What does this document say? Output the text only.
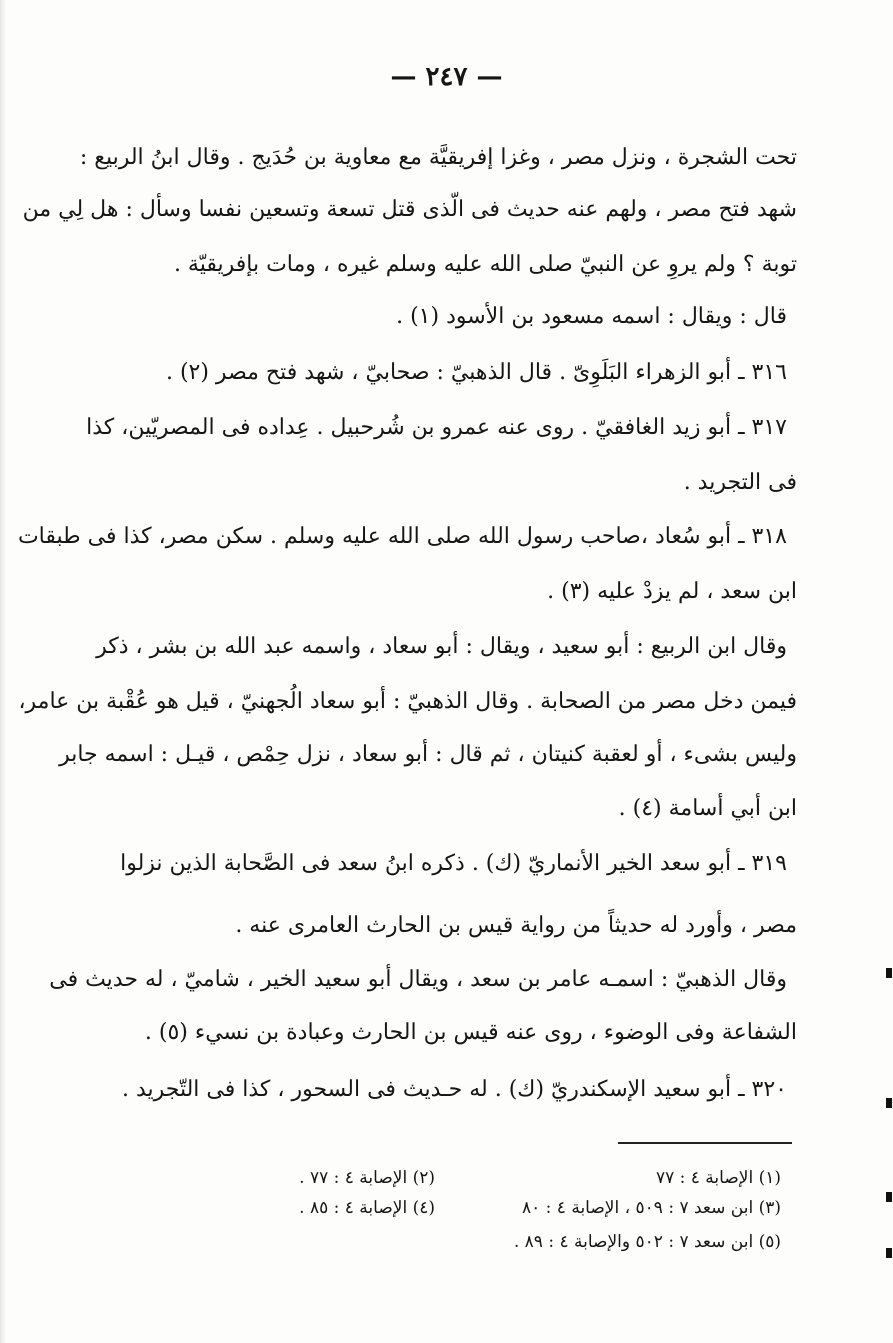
— ٢٤٧ —
تحت الشجرة ، ونزل مصر ، وغزا إفريقيَّة مع معاوية بن حُدَيج . وقال ابنُ الربيع :
شهد فتح مصر ، ولهم عنه حديث فى الّذى قتل تسعة وتسعين نفسا وسأل : هل لِي من
توبة ؟ ولم يروِ عن النبيّ صلى الله عليه وسلم غيره ، ومات بإفريقيّة .
قال : ويقال : اسمه مسعود بن الأسود (١) .
٣١٦ ـ أبو الزهراء البَلَوِىّ . قال الذهبيّ : صحابيّ ، شهد فتح مصر (٢) .
٣١٧ ـ أبو زيد الغافقيّ . روى عنه عمرو بن شُرحبيل . عِداده فى المصريّين، كذا
فى التجريد .
٣١٨ ـ أبو سُعاد ،صاحب رسول الله صلى الله عليه وسلم . سكن مصر، كذا فى طبقات
ابن سعد ، لم يزدْ عليه (٣) .
وقال ابن الربيع : أبو سعيد ، ويقال : أبو سعاد ، واسمه عبد الله بن بشر ، ذكر
فيمن دخل مصر من الصحابة . وقال الذهبيّ : أبو سعاد الُجهنيّ ، قيل هو عُقْبة بن عامر،
وليس بشىء ، أو لعقبة كنيتان ، ثم قال : أبو سعاد ، نزل حِمْص ، قيـل : اسمه جابر
ابن أبي أسامة (٤) .
٣١٩ ـ أبو سعد الخير الأنماريّ (ك) . ذكره ابنُ سعد فى الصَّحابة الذين نزلوا
مصر ، وأورد له حديثاً من رواية قيس بن الحارث العامرى عنه .
وقال الذهبيّ : اسمـه عامر بن سعد ، ويقال أبو سعيد الخير ، شاميّ ، له حديث فى
الشفاعة وفى الوضوء ، روى عنه قيس بن الحارث وعبادة بن نسيء (٥) .
٣٢٠ ـ أبو سعيد الإسكندريّ (ك) . له حـديث فى السحور ، كذا فى التّجريد .
(١) الإصابة ٤ : ٧٧
(٢) الإصابة ٤ : ٧٧ .
(٣) ابن سعد ٧ : ٥٠٩ ، الإصابة ٤ : ٨٠
(٤) الإصابة ٤ : ٨٥ .
(٥) ابن سعد ٧ : ٥٠٢ والإصابة ٤ : ٨٩ .
